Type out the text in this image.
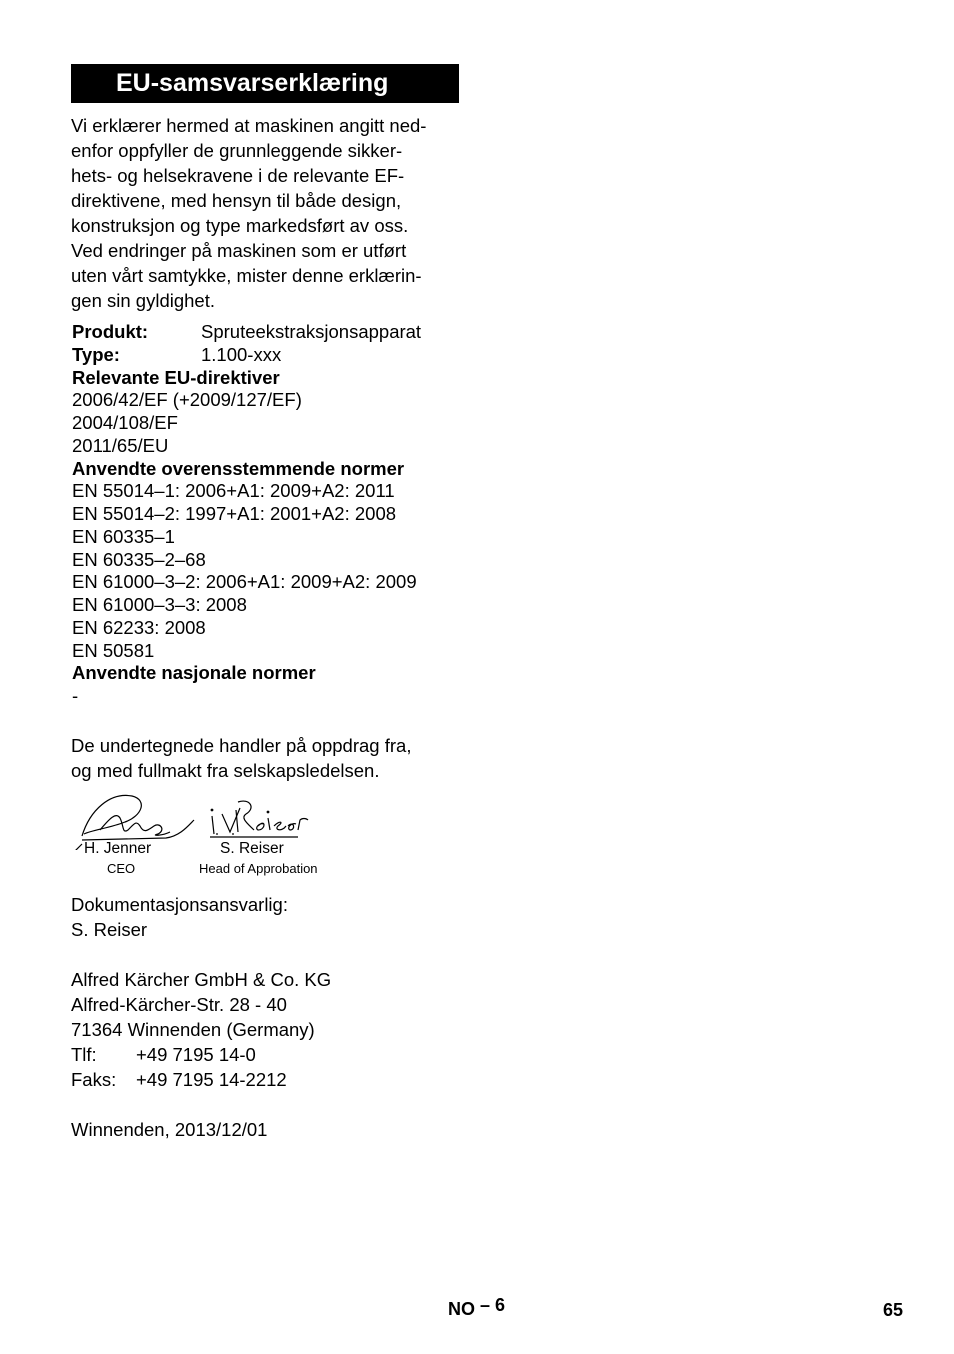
EU-samsvarserklæring
Vi erklærer hermed at maskinen angitt ned-
enfor oppfyller de grunnleggende sikker-
hets- og helsekravene i de relevante EF-
direktivene, med hensyn til både design,
konstruksjon og type markedsført av oss.
Ved endringer på maskinen som er utført
uten vårt samtykke, mister denne erklærin-
gen sin gyldighet.
Produkt:	Spruteekstraksjonsapparat
Type:	1.100-xxx
Relevante EU-direktiver
2006/42/EF (+2009/127/EF)
2004/108/EF
2011/65/EU
Anvendte overensstemmende normer
EN 55014–1: 2006+A1: 2009+A2: 2011
EN 55014–2: 1997+A1: 2001+A2: 2008
EN 60335–1
EN 60335–2–68
EN 61000–3–2: 2006+A1: 2009+A2: 2009
EN 61000–3–3: 2008
EN 62233: 2008
EN 50581
Anvendte nasjonale normer
-
De undertegnede handler på oppdrag fra,
og med fullmakt fra selskapsledelsen.
H. Jenner
CEO
S. Reiser
Head of Approbation
Dokumentasjonsansvarlig:
S. Reiser
Alfred Kärcher GmbH & Co. KG
Alfred-Kärcher-Str. 28 - 40
71364 Winnenden (Germany)
Tlf:	+49 7195 14-0
Faks:	+49 7195 14-2212
Winnenden, 2013/12/01
NO – 6	65
